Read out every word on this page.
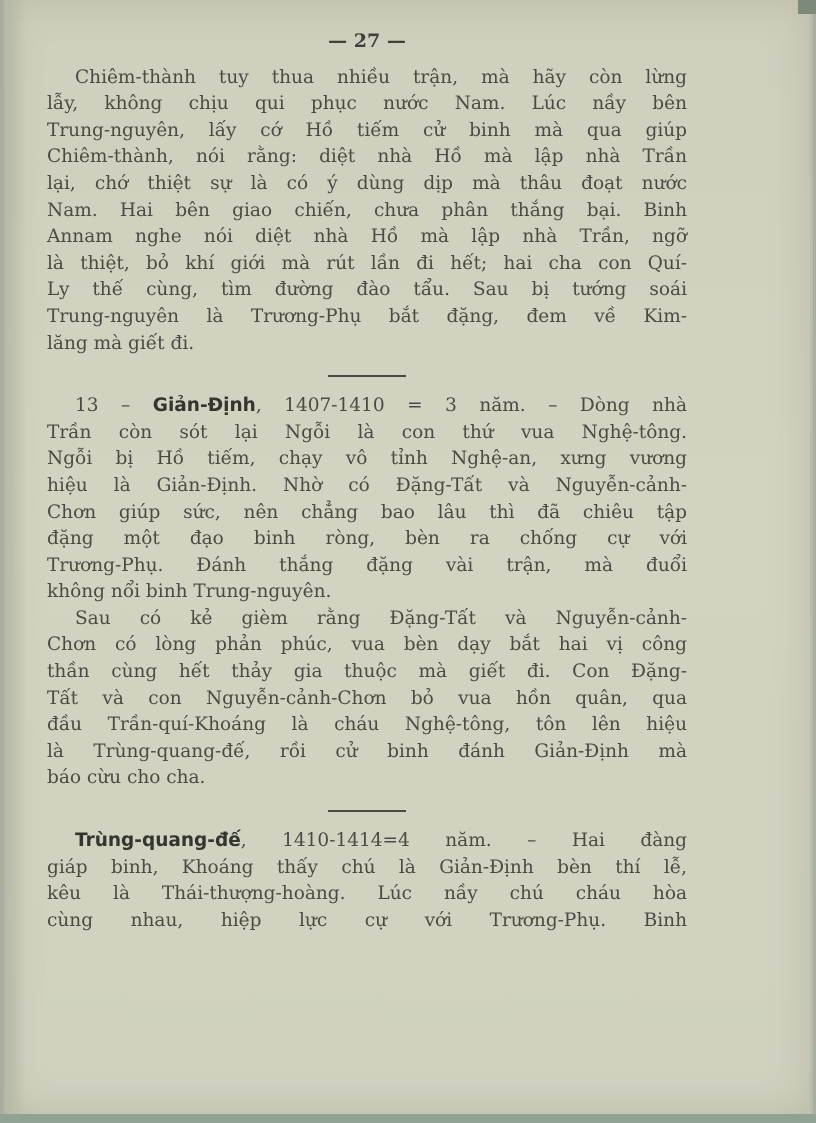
— 27 —
Chiêm-thành tuy thua nhiều trận, mà hãy còn lừng
lẫy, không chịu qui phục nước Nam. Lúc nầy bên
Trung-nguyên, lấy cớ Hồ tiếm cử binh mà qua giúp
Chiêm-thành, nói rằng: diệt nhà Hồ mà lập nhà Trần
lại, chớ thiệt sự là có ý dùng dịp mà thâu đoạt nước
Nam. Hai bên giao chiến, chưa phân thắng bại. Binh
Annam nghe nói diệt nhà Hồ mà lập nhà Trần, ngỡ
là thiệt, bỏ khí giới mà rút lần đi hết; hai cha con Quí-
Ly thế cùng, tìm đường đào tẩu. Sau bị tướng soái
Trung-nguyên là Trương-Phụ bắt đặng, đem về Kim-
lăng mà giết đi.
13 – Giản-Định, 1407-1410 = 3 năm. – Dòng nhà
Trần còn sót lại Ngỗi là con thứ vua Nghệ-tông.
Ngỗi bị Hồ tiếm, chạy vô tỉnh Nghệ-an, xưng vương
hiệu là Giản-Định. Nhờ có Đặng-Tất và Nguyễn-cảnh-
Chơn giúp sức, nên chẳng bao lâu thì đã chiêu tập
đặng một đạo binh ròng, bèn ra chống cự với
Trương-Phụ. Đánh thắng đặng vài trận, mà đuổi
không nổi binh Trung-nguyên.
Sau có kẻ gièm rằng Đặng-Tất và Nguyễn-cảnh-
Chơn có lòng phản phúc, vua bèn dạy bắt hai vị công
thần cùng hết thảy gia thuộc mà giết đi. Con Đặng-
Tất và con Nguyễn-cảnh-Chơn bỏ vua hồn quân, qua
đầu Trần-quí-Khoáng là cháu Nghệ-tông, tôn lên hiệu
là Trùng-quang-đế, rồi cử binh đánh Giản-Định mà
báo cừu cho cha.
Trùng-quang-đế, 1410-1414=4 năm. – Hai đàng
giáp binh, Khoáng thấy chú là Giản-Định bèn thí lễ,
kêu là Thái-thượng-hoàng. Lúc nầy chú cháu hòa
cùng nhau, hiệp lực cự với Trương-Phụ. Binh
